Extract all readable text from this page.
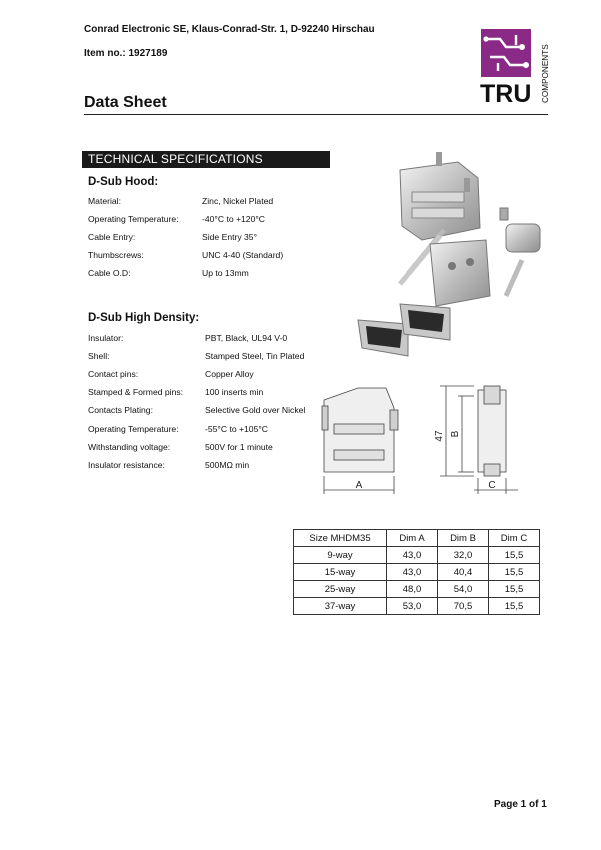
Conrad Electronic SE, Klaus-Conrad-Str. 1, D-92240 Hirschau
Item no.: 1927189
Data Sheet	TRU COMPONENTS
TECHNICAL SPECIFICATIONS
D-Sub Hood:
Material:	Zinc, Nickel Plated
Operating Temperature:	-40°C to +120°C
Cable Entry:	Side Entry 35°
Thumbscrews:	UNC 4-40 (Standard)
Cable O.D:	Up to 13mm
D-Sub High Density:
Insulator:	PBT, Black, UL94 V-0
Shell:	Stamped Steel, Tin Plated
Contact pins:	Copper Alloy
Stamped & Formed pins:	100 inserts min
Contacts Plating:	Selective Gold over Nickel
Operating Temperature:	-55°C to +105°C
Withstanding voltage:	500V for 1 minute
Insulator resistance:	500MΩ min
47 B
A	C
Size MHDM35	Dim A	Dim B	Dim C
9-way	43,0	32,0	15,5
15-way	43,0	40,4	15,5
25-way	48,0	54,0	15,5
37-way	53,0	70,5	15,5
Page 1 of 1
